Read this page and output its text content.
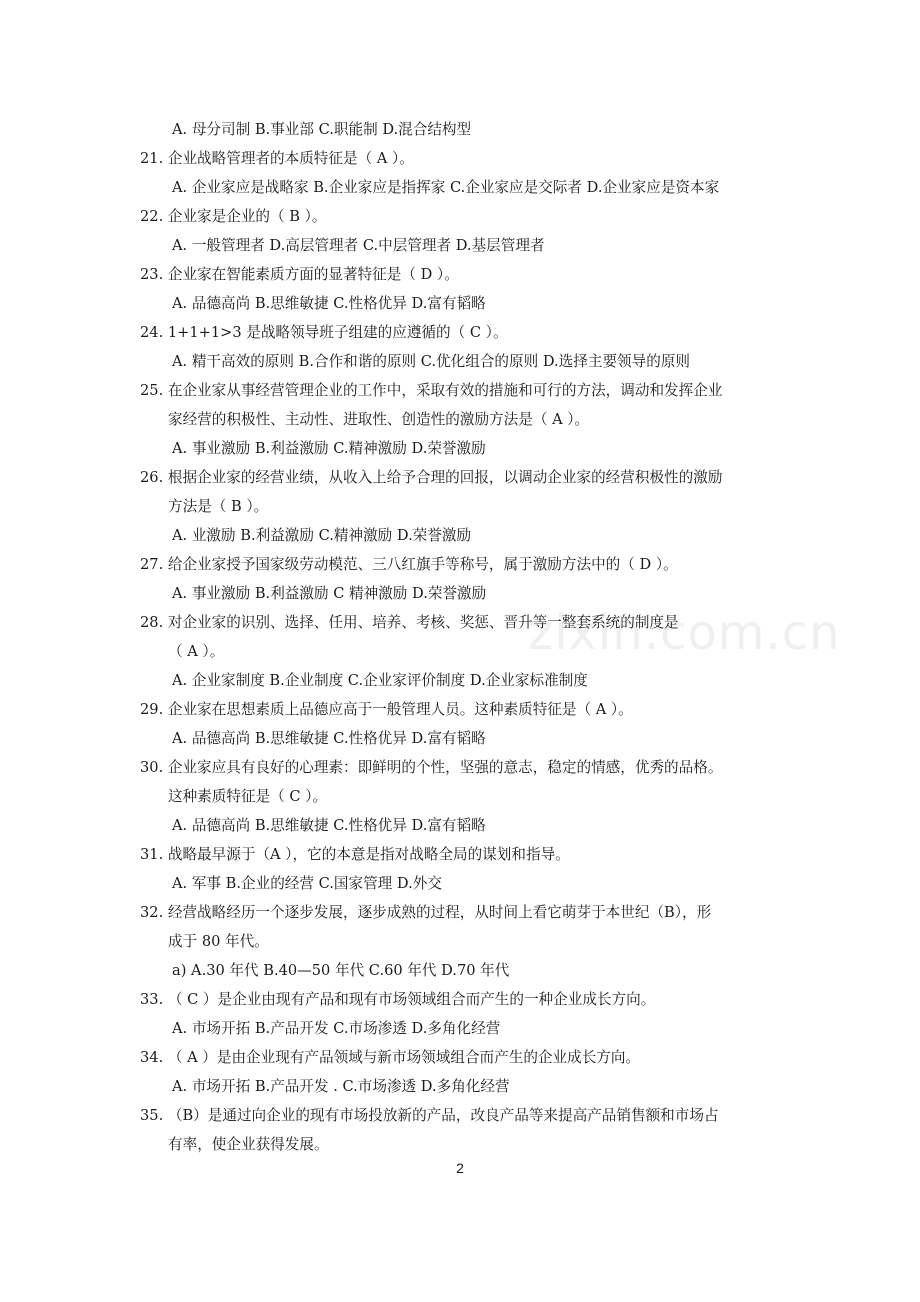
A. 母分司制 B.事业部 C.职能制 D.混合结构型
21. 企业战略管理者的本质特征是（ A ）。
A. 企业家应是战略家 B.企业家应是指挥家 C.企业家应是交际者 D.企业家应是资本家
22. 企业家是企业的（ B ）。
A. 一般管理者 D.高层管理者 C.中层管理者 D.基层管理者
23. 企业家在智能素质方面的显著特征是（ D ）。
A. 品德高尚 B.思维敏捷 C.性格优异 D.富有韬略
24. 1+1+1>3 是战略领导班子组建的应遵循的（ C ）。
A. 精干高效的原则 B.合作和谐的原则 C.优化组合的原则 D.选择主要领导的原则
25. 在企业家从事经营管理企业的工作中，采取有效的措施和可行的方法，调动和发挥企业
家经营的积极性、主动性、进取性、创造性的激励方法是（ A ）。
A. 事业激励 B.利益激励 C.精神激励 D.荣誉激励
26. 根据企业家的经营业绩，从收入上给予合理的回报，以调动企业家的经营积极性的激励
方法是（ B ）。
A. 业激励 B.利益激励 C.精神激励 D.荣誉激励
27. 给企业家授予国家级劳动模范、三八红旗手等称号，属于激励方法中的（ D ）。
A. 事业激励 B.利益激励 C 精神激励 D.荣誉激励
28. 对企业家的识别、选择、任用、培养、考核、奖惩、晋升等一整套系统的制度是
（ A ）。
A. 企业家制度 B.企业制度 C.企业家评价制度 D.企业家标准制度
29. 企业家在思想素质上品德应高于一般管理人员。这种素质特征是（ A ）。
A. 品德高尚 B.思维敏捷 C.性格优异 D.富有韬略
30. 企业家应具有良好的心理素：即鲜明的个性，坚强的意志，稳定的情感，优秀的品格。
这种素质特征是（ C ）。
A. 品德高尚 B.思维敏捷 C.性格优异 D.富有韬略
31. 战略最早源于（A ），它的本意是指对战略全局的谋划和指导。
A. 军事 B.企业的经营 C.国家管理 D.外交
32. 经营战略经历一个逐步发展，逐步成熟的过程，从时间上看它萌芽于本世纪（B），形
成于 80 年代。
a) A.30 年代 B.40—50 年代 C.60 年代 D.70 年代
33. （ C ）是企业由现有产品和现有市场领域组合而产生的一种企业成长方向。
A. 市场开拓 B.产品开发 C.市场渗透 D.多角化经营
34. （ A ）是由企业现有产品领域与新市场领域组合而产生的企业成长方向。
A. 市场开拓 B.产品开发 . C.市场渗透 D.多角化经营
35. （B）是通过向企业的现有市场投放新的产品，改良产品等来提高产品销售额和市场占
有率，使企业获得发展。
zixin.com.cn
2
